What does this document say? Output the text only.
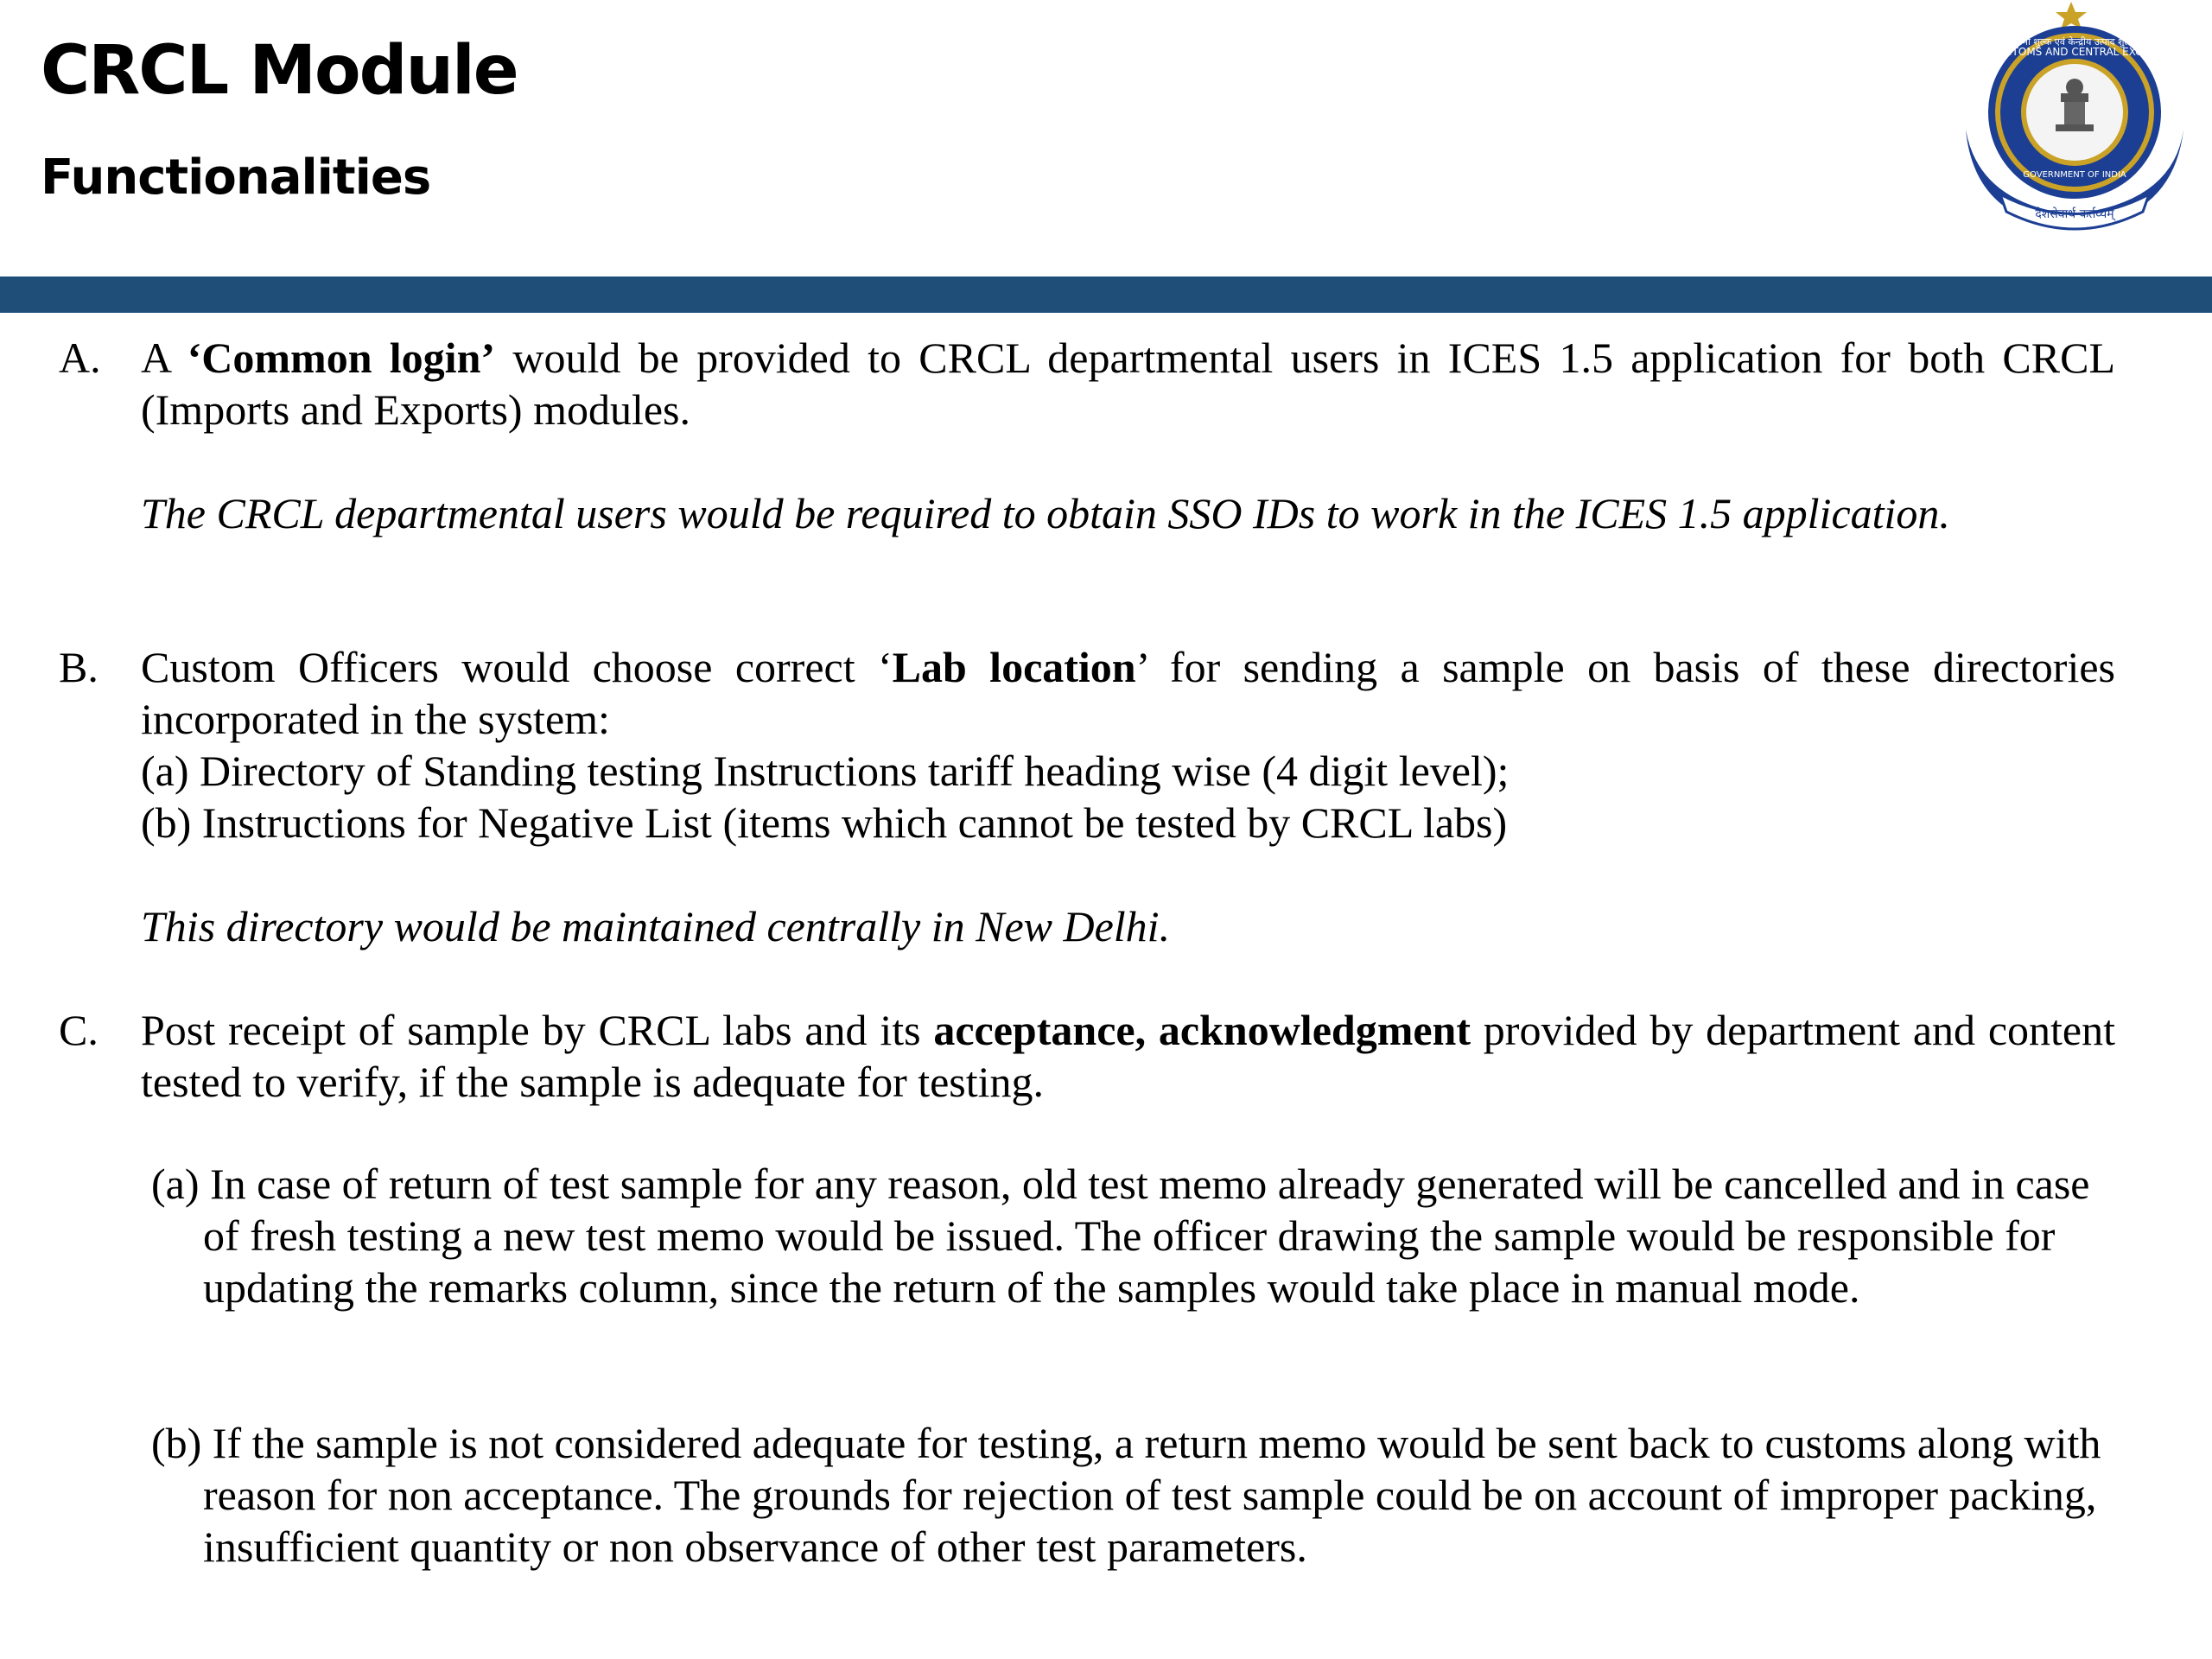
CRCL Module
Functionalities
CUSTOMS AND CENTRAL EXCISE
सीमा शुल्क एवं केन्द्रीय उत्पाद शुल्क
GOVERNMENT OF INDIA
देशसेवार्थ कर्तव्यम्
A. A ‘Common login’ would be provided to CRCL departmental users in ICES 1.5 application for both CRCL (Imports and Exports) modules.

The CRCL departmental users would be required to obtain SSO IDs to work in the ICES 1.5 application.

B. Custom Officers would choose correct ‘Lab location’ for sending a sample on basis of these directories incorporated in the system:

(a) Directory of Standing testing Instructions tariff heading wise (4 digit level);

(b) Instructions for Negative List (items which cannot be tested by CRCL labs)

This directory would be maintained centrally in New Delhi.

C. Post receipt of sample by CRCL labs and its acceptance, acknowledgment provided by department and content tested to verify, if the sample is adequate for testing.

(a) In case of return of test sample for any reason, old test memo already generated will be cancelled and in case of fresh testing a new test memo would be issued. The officer drawing the sample would be responsible for updating the remarks column, since the return of the samples would take place in manual mode.

(b) If the sample is not considered adequate for testing, a return memo would be sent back to customs along with reason for non acceptance. The grounds for rejection of test sample could be on account of improper packing, insufficient quantity or non observance of other test parameters.
